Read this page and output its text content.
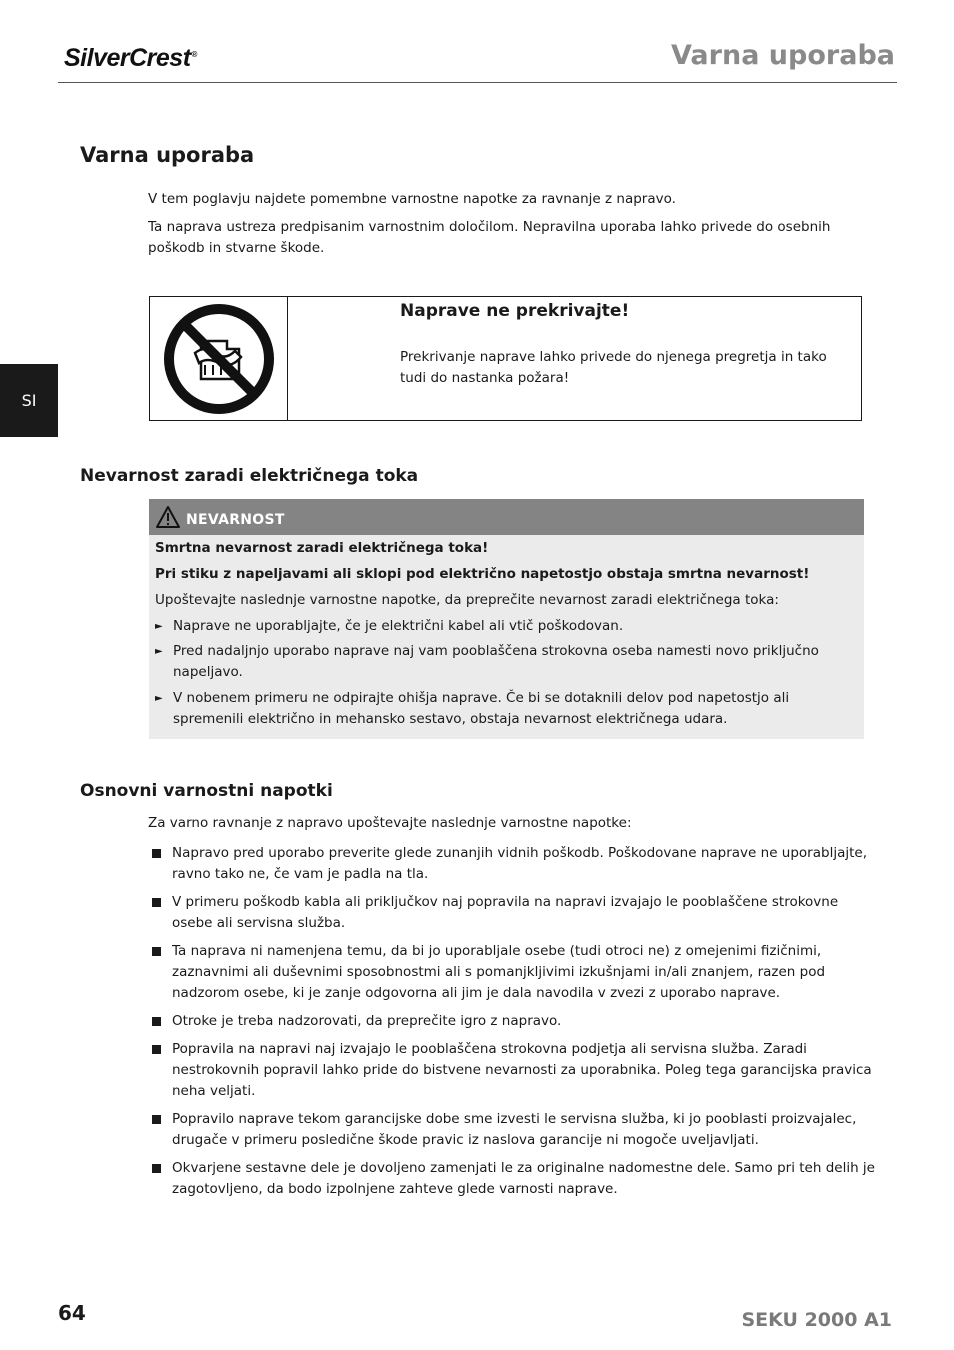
SilverCrest®	Varna uporaba
SI
Varna uporaba

V tem poglavju najdete pomembne varnostne napotke za ravnanje z napravo.

Ta naprava ustreza predpisanim varnostnim določilom. Nepravilna uporaba lahko privede do osebnih poškodb in stvarne škode.

Naprave ne prekrivajte!

Prekrivanje naprave lahko privede do njenega pregretja in tako tudi do nastanka požara!

Nevarnost zaradi električnega toka
NEVARNOST

Smrtna nevarnost zaradi električnega toka!

Pri stiku z napeljavami ali sklopi pod električno napetostjo obstaja smrtna nevarnost!

Upoštevajte naslednje varnostne napotke, da preprečite nevarnost zaradi električnega toka:

► Naprave ne uporabljajte, če je električni kabel ali vtič poškodovan.
► Pred nadaljnjo uporabo naprave naj vam pooblaščena strokovna oseba namesti novo priključno napeljavo.
► V nobenem primeru ne odpirajte ohišja naprave. Če bi se dotaknili delov pod napetostjo ali spremenili električno in mehansko sestavo, obstaja nevarnost električnega udara.
Osnovni varnostni napotki

Za varno ravnanje z napravo upoštevajte naslednje varnostne napotke:

Napravo pred uporabo preverite glede zunanjih vidnih poškodb. Poškodovane naprave ne uporabljajte, ravno tako ne, če vam je padla na tla.
V primeru poškodb kabla ali priključkov naj popravila na napravi izvajajo le pooblaščene strokovne osebe ali servisna služba.
Ta naprava ni namenjena temu, da bi jo uporabljale osebe (tudi otroci ne) z omejenimi fizičnimi, zaznavnimi ali duševnimi sposobnostmi ali s pomanjkljivimi izkušnjami in/ali znanjem, razen pod nadzorom osebe, ki je zanje odgovorna ali jim je dala navodila v zvezi z uporabo naprave.
Otroke je treba nadzorovati, da preprečite igro z napravo.
Popravila na napravi naj izvajajo le pooblaščena strokovna podjetja ali servisna služba. Zaradi nestrokovnih popravil lahko pride do bistvene nevarnosti za uporabnika. Poleg tega garancijska pravica neha veljati.
Popravilo naprave tekom garancijske dobe sme izvesti le servisna služba, ki jo pooblasti proizvajalec, drugače v primeru posledične škode pravic iz naslova garancije ni mogoče uveljavljati.
Okvarjene sestavne dele je dovoljeno zamenjati le za originalne nadomestne dele. Samo pri teh delih je zagotovljeno, da bodo izpolnjene zahteve glede varnosti naprave.
64	SEKU 2000 A1
